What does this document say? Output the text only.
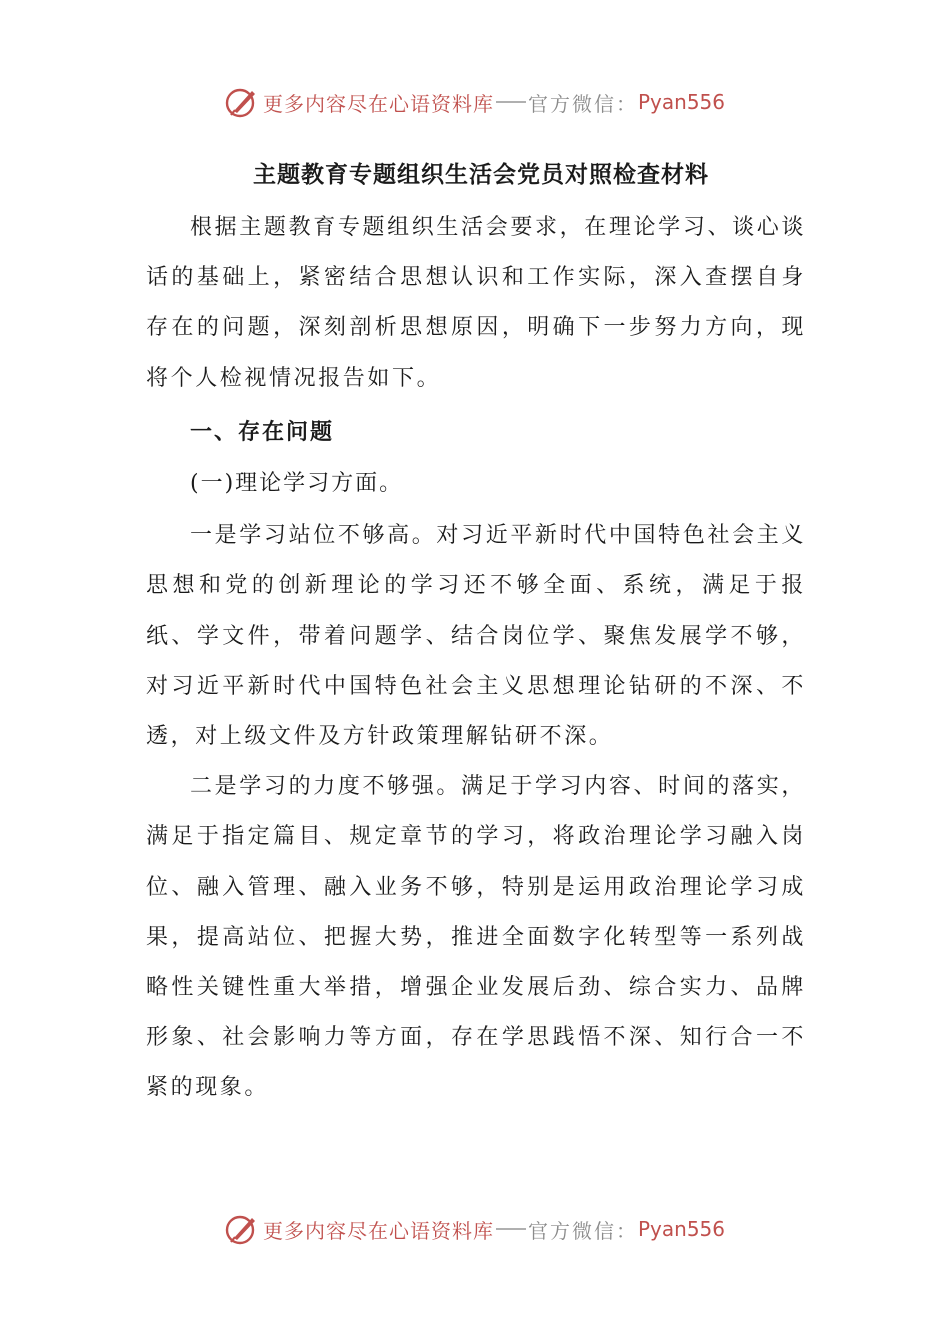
更多内容尽在心语资料库 官方微信： Pyan556
主题教育专题组织生活会党员对照检查材料

根据主题教育专题组织生活会要求，在理论学习、谈心谈话的基础上，紧密结合思想认识和工作实际，深入查摆自身存在的问题，深刻剖析思想原因，明确下一步努力方向，现将个人检视情况报告如下。

一、存在问题
(一)理论学习方面。

一是学习站位不够高。对习近平新时代中国特色社会主义思想和党的创新理论的学习还不够全面、系统，满足于报纸、学文件，带着问题学、结合岗位学、聚焦发展学不够，对习近平新时代中国特色社会主义思想理论钻研的不深、不透，对上级文件及方针政策理解钻研不深。

二是学习的力度不够强。满足于学习内容、时间的落实，满足于指定篇目、规定章节的学习，将政治理论学习融入岗位、融入管理、融入业务不够，特别是运用政治理论学习成果，提高站位、把握大势，推进全面数字化转型等一系列战略性关键性重大举措，增强企业发展后劲、综合实力、品牌形象、社会影响力等方面，存在学思践悟不深、知行合一不紧的现象。

更多内容尽在心语资料库 官方微信： Pyan556
